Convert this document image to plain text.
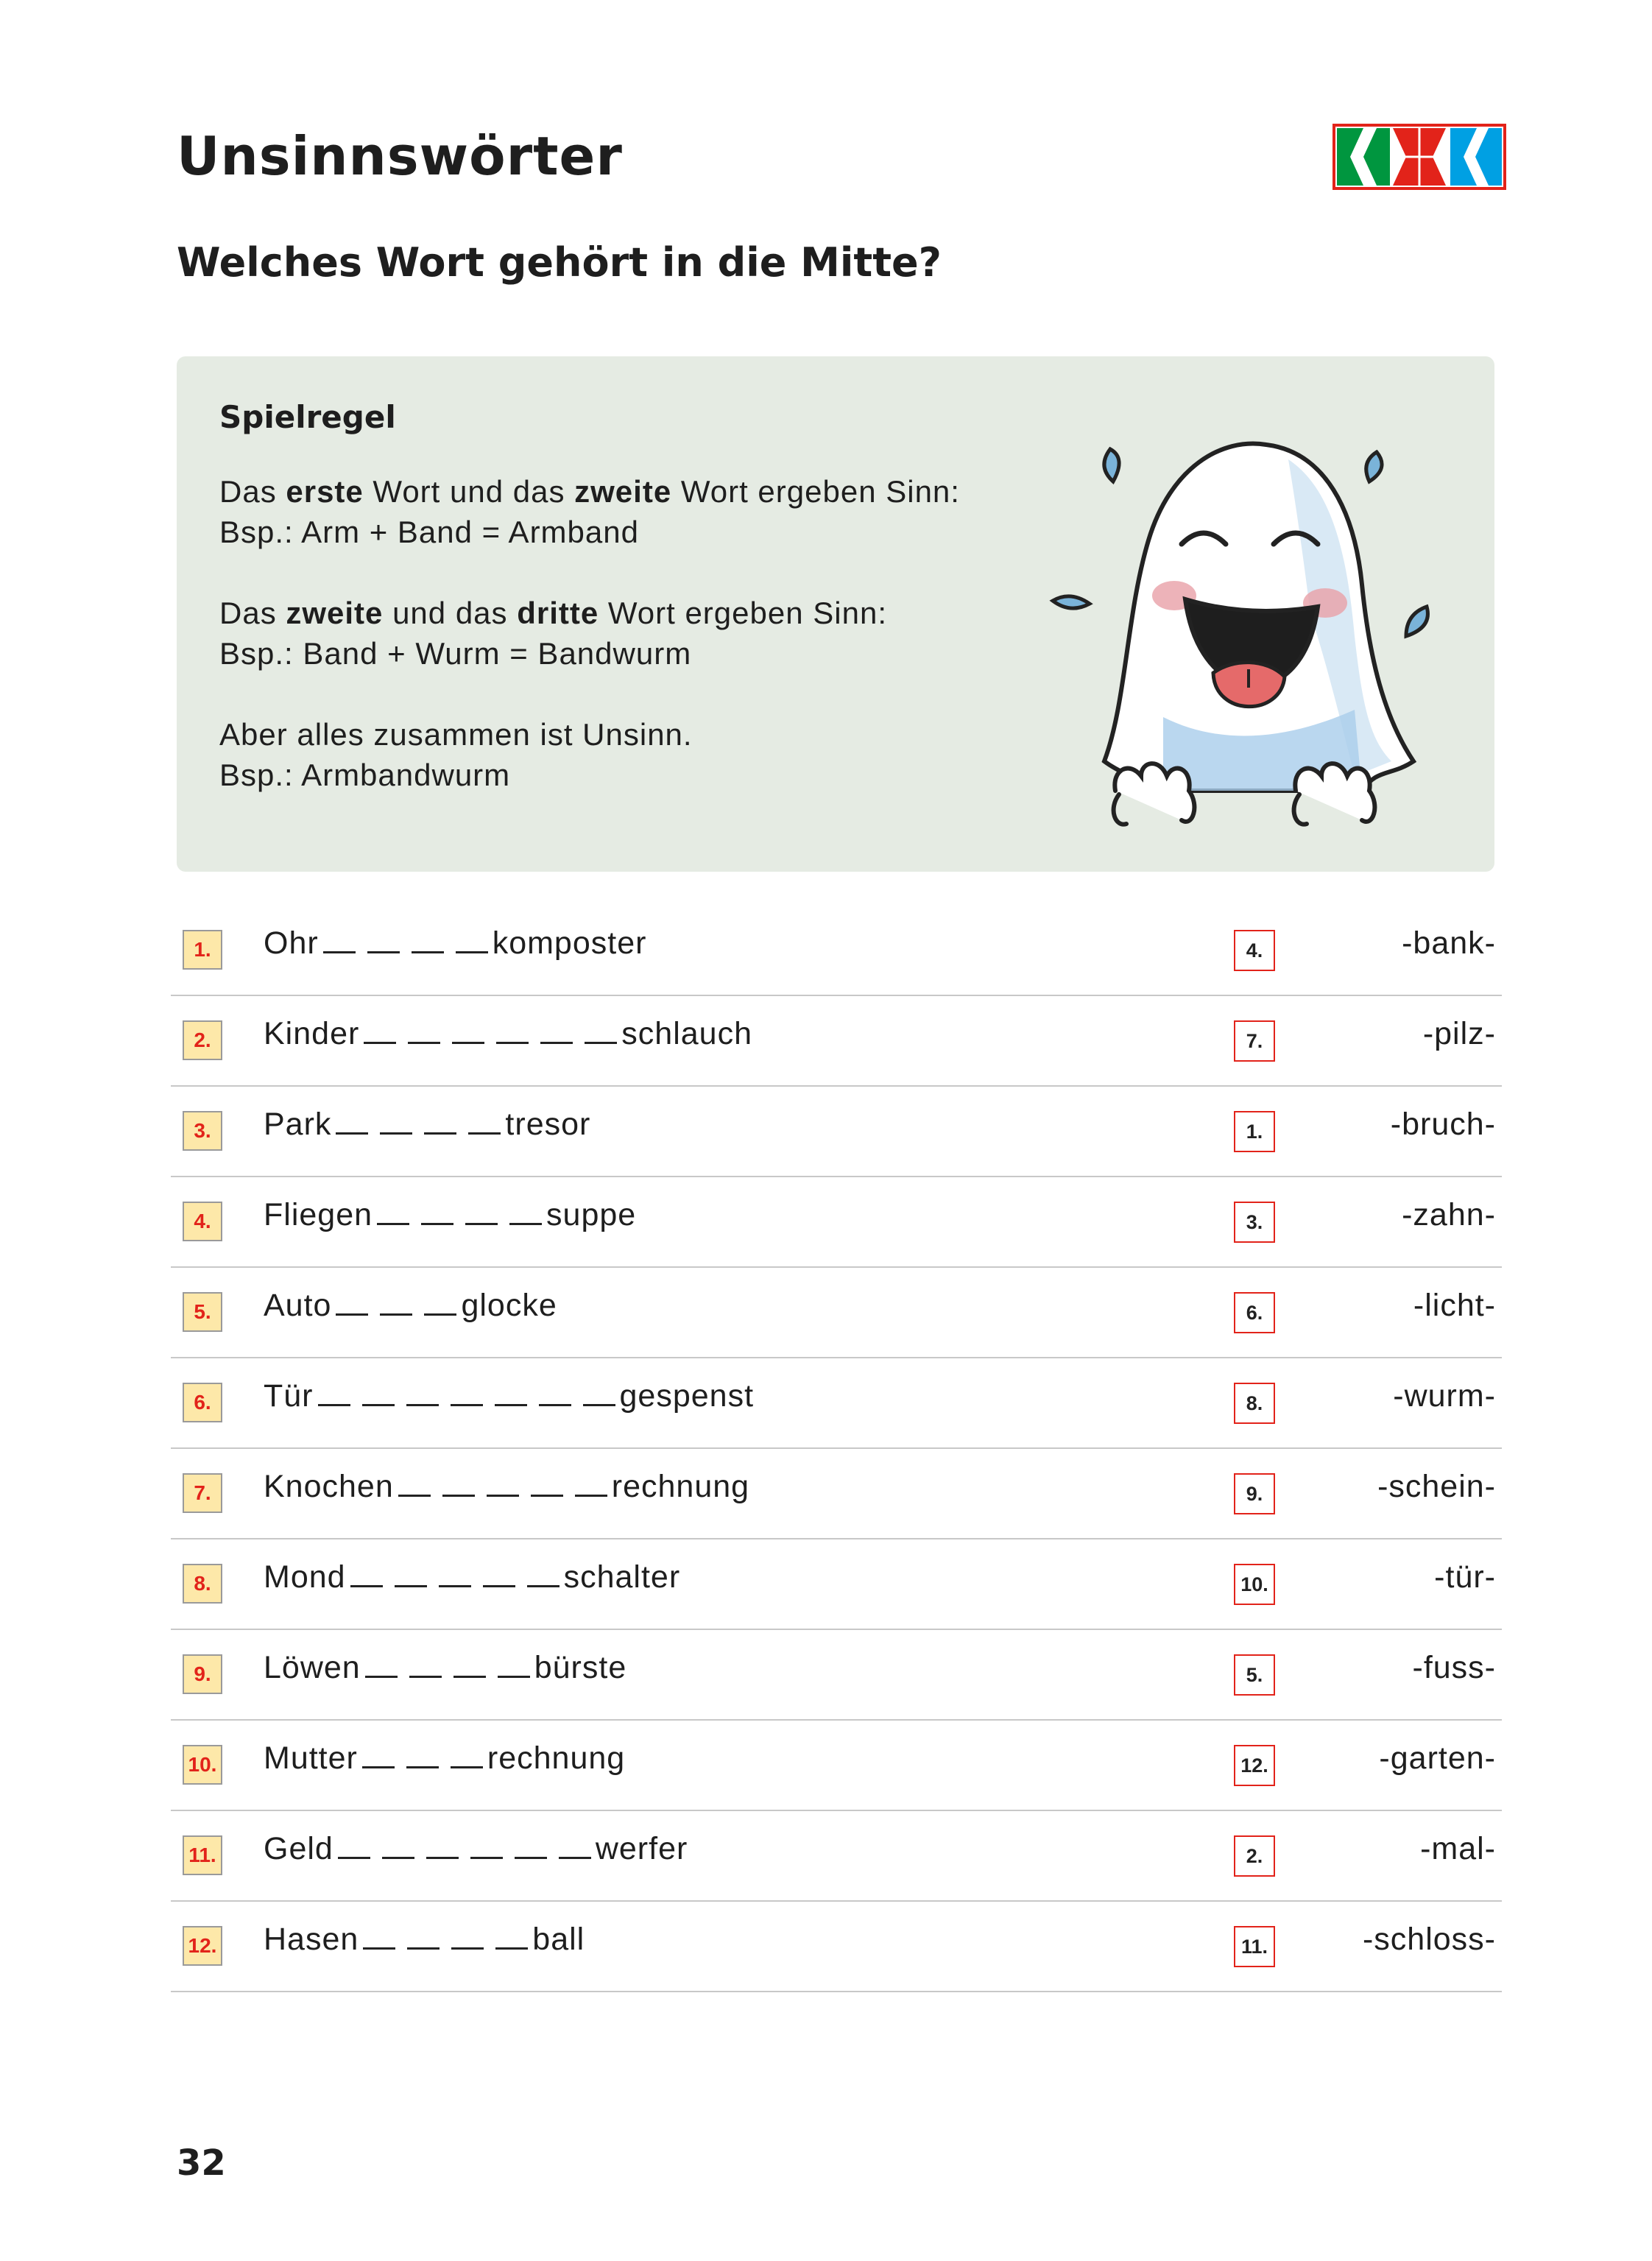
Unsinnswörter
Welches Wort gehört in die Mitte?
Spielregel
Das erste Wort und das zweite Wort ergeben Sinn:
Bsp.: Arm + Band = Armband
Das zweite und das dritte Wort ergeben Sinn:
Bsp.: Band + Wurm = Bandwurm
Aber alles zusammen ist Unsinn.
Bsp.: Armbandwurm
1.	Ohr	komposter	4.	-bank-
2.	Kinder	schlauch	7.	-pilz-
3.	Park	tresor	1.	-bruch-
4.	Fliegen	suppe	3.	-zahn-
5.	Auto	glocke	6.	-licht-
6.	Tür	gespenst	8.	-wurm-
7.	Knochen	rechnung	9.	-schein-
8.	Mond	schalter	10.	-tür-
9.	Löwen	bürste	5.	-fuss-
10. Mutter	rechnung	12.	-garten-
11. Geld	werfer	2.	-mal-
12. Hasen	ball	11.	-schloss-
32
